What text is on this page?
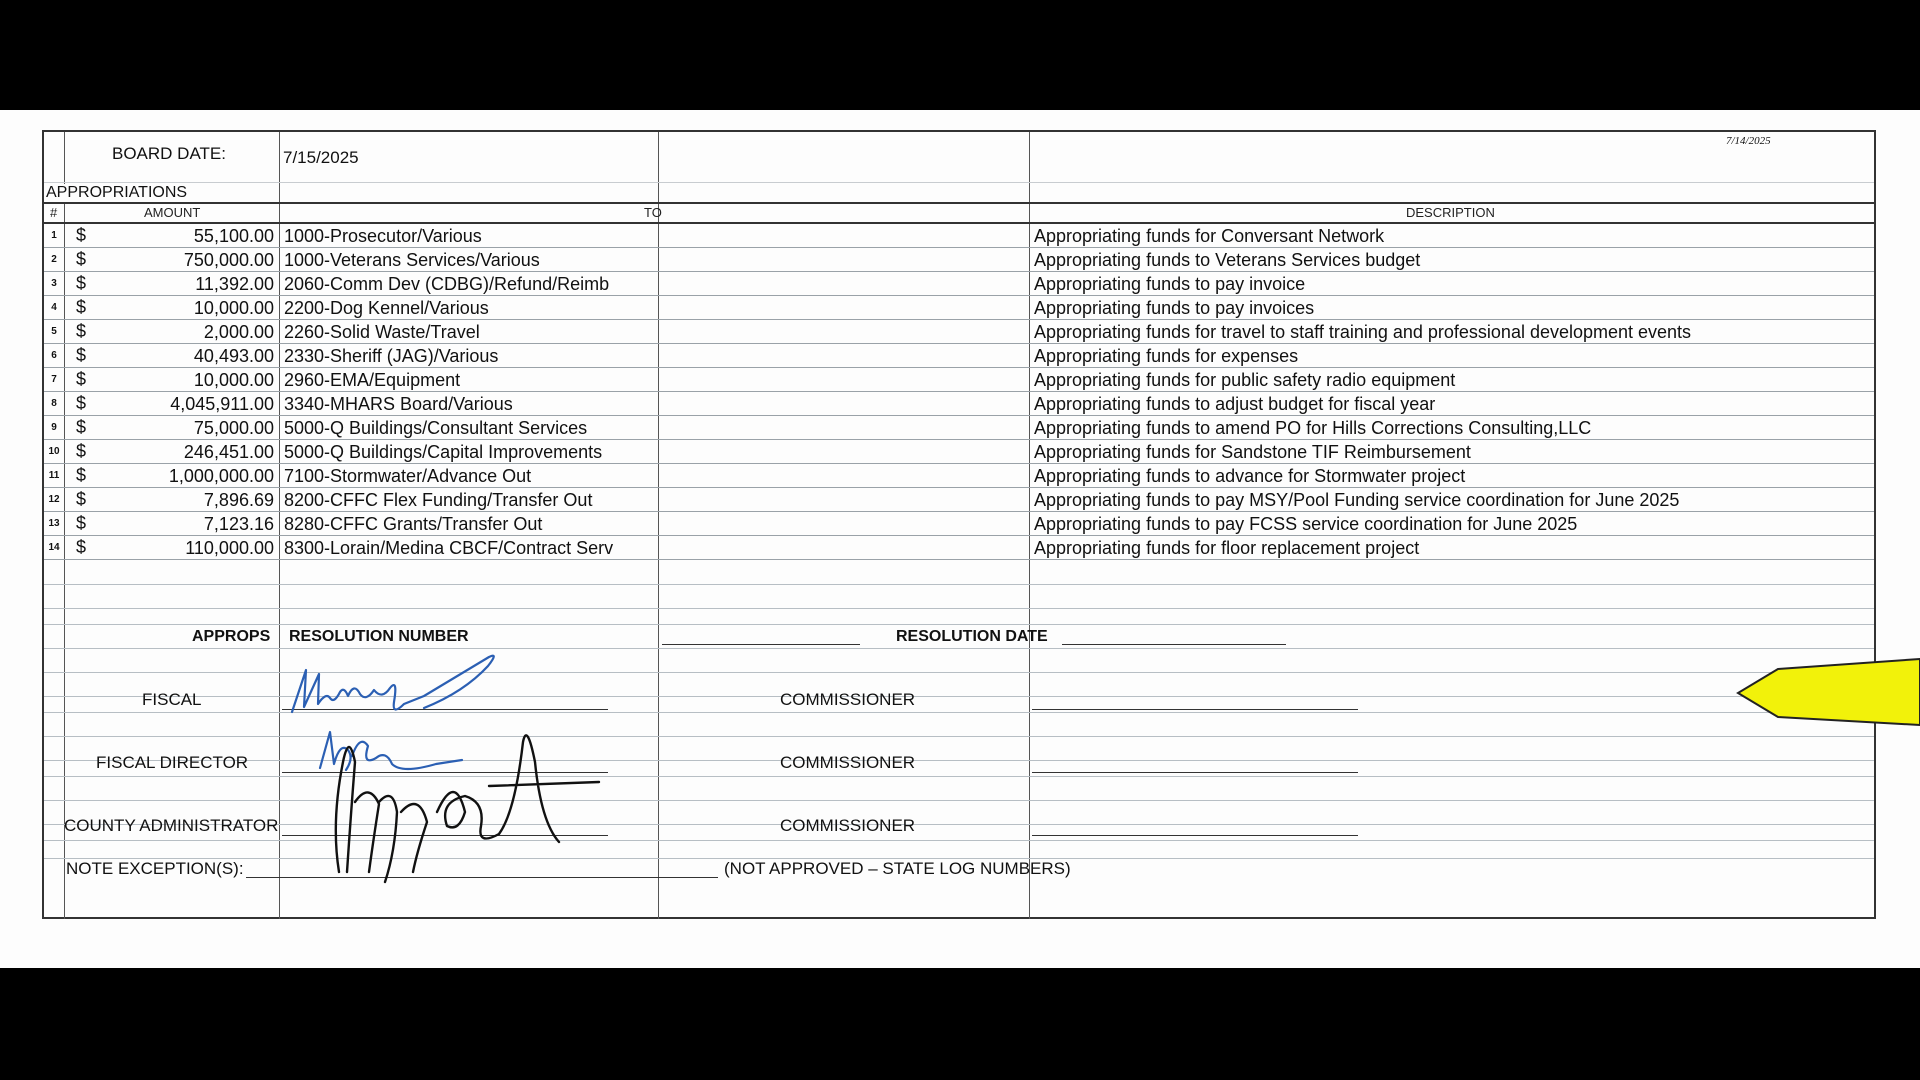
BOARD DATE:	7/15/2025
7/14/2025
APPROPRIATIONS
#	AMOUNT	TO	DESCRIPTION
1 $	55,100.00 1000-Prosecutor/Various	Appropriating funds for Conversant Network
2 $	750,000.00 1000-Veterans Services/Various	Appropriating funds to Veterans Services budget
3 $	11,392.00 2060-Comm Dev (CDBG)/Refund/Reimb	Appropriating funds to pay invoice
4 $	10,000.00 2200-Dog Kennel/Various	Appropriating funds to pay invoices
5 $	2,000.00 2260-Solid Waste/Travel	Appropriating funds for travel to staff training and professional development events
6 $	40,493.00 2330-Sheriff (JAG)/Various	Appropriating funds for expenses
7 $	10,000.00 2960-EMA/Equipment	Appropriating funds for public safety radio equipment
8 $	4,045,911.00 3340-MHARS Board/Various	Appropriating funds to adjust budget for fiscal year
9 $	75,000.00 5000-Q Buildings/Consultant Services	Appropriating funds to amend PO for Hills Corrections Consulting,LLC
10 $	246,451.00 5000-Q Buildings/Capital Improvements	Appropriating funds for Sandstone TIF Reimbursement
11 $	1,000,000.00 7100-Stormwater/Advance Out	Appropriating funds to advance for Stormwater project
12 $	7,896.69 8200-CFFC Flex Funding/Transfer Out	Appropriating funds to pay MSY/Pool Funding service coordination for June 2025
13 $	7,123.16 8280-CFFC Grants/Transfer Out	Appropriating funds to pay FCSS service coordination for June 2025
14 $	110,000.00 8300-Lorain/Medina CBCF/Contract Serv	Appropriating funds for floor replacement project
APPROPS RESOLUTION NUMBER	RESOLUTION DATE
FISCAL	COMMISSIONER
FISCAL DIRECTOR	COMMISSIONER
COUNTY ADMINISTRATOR	COMMISSIONER
NOTE EXCEPTION(S):	(NOT APPROVED – STATE LOG NUMBERS)
